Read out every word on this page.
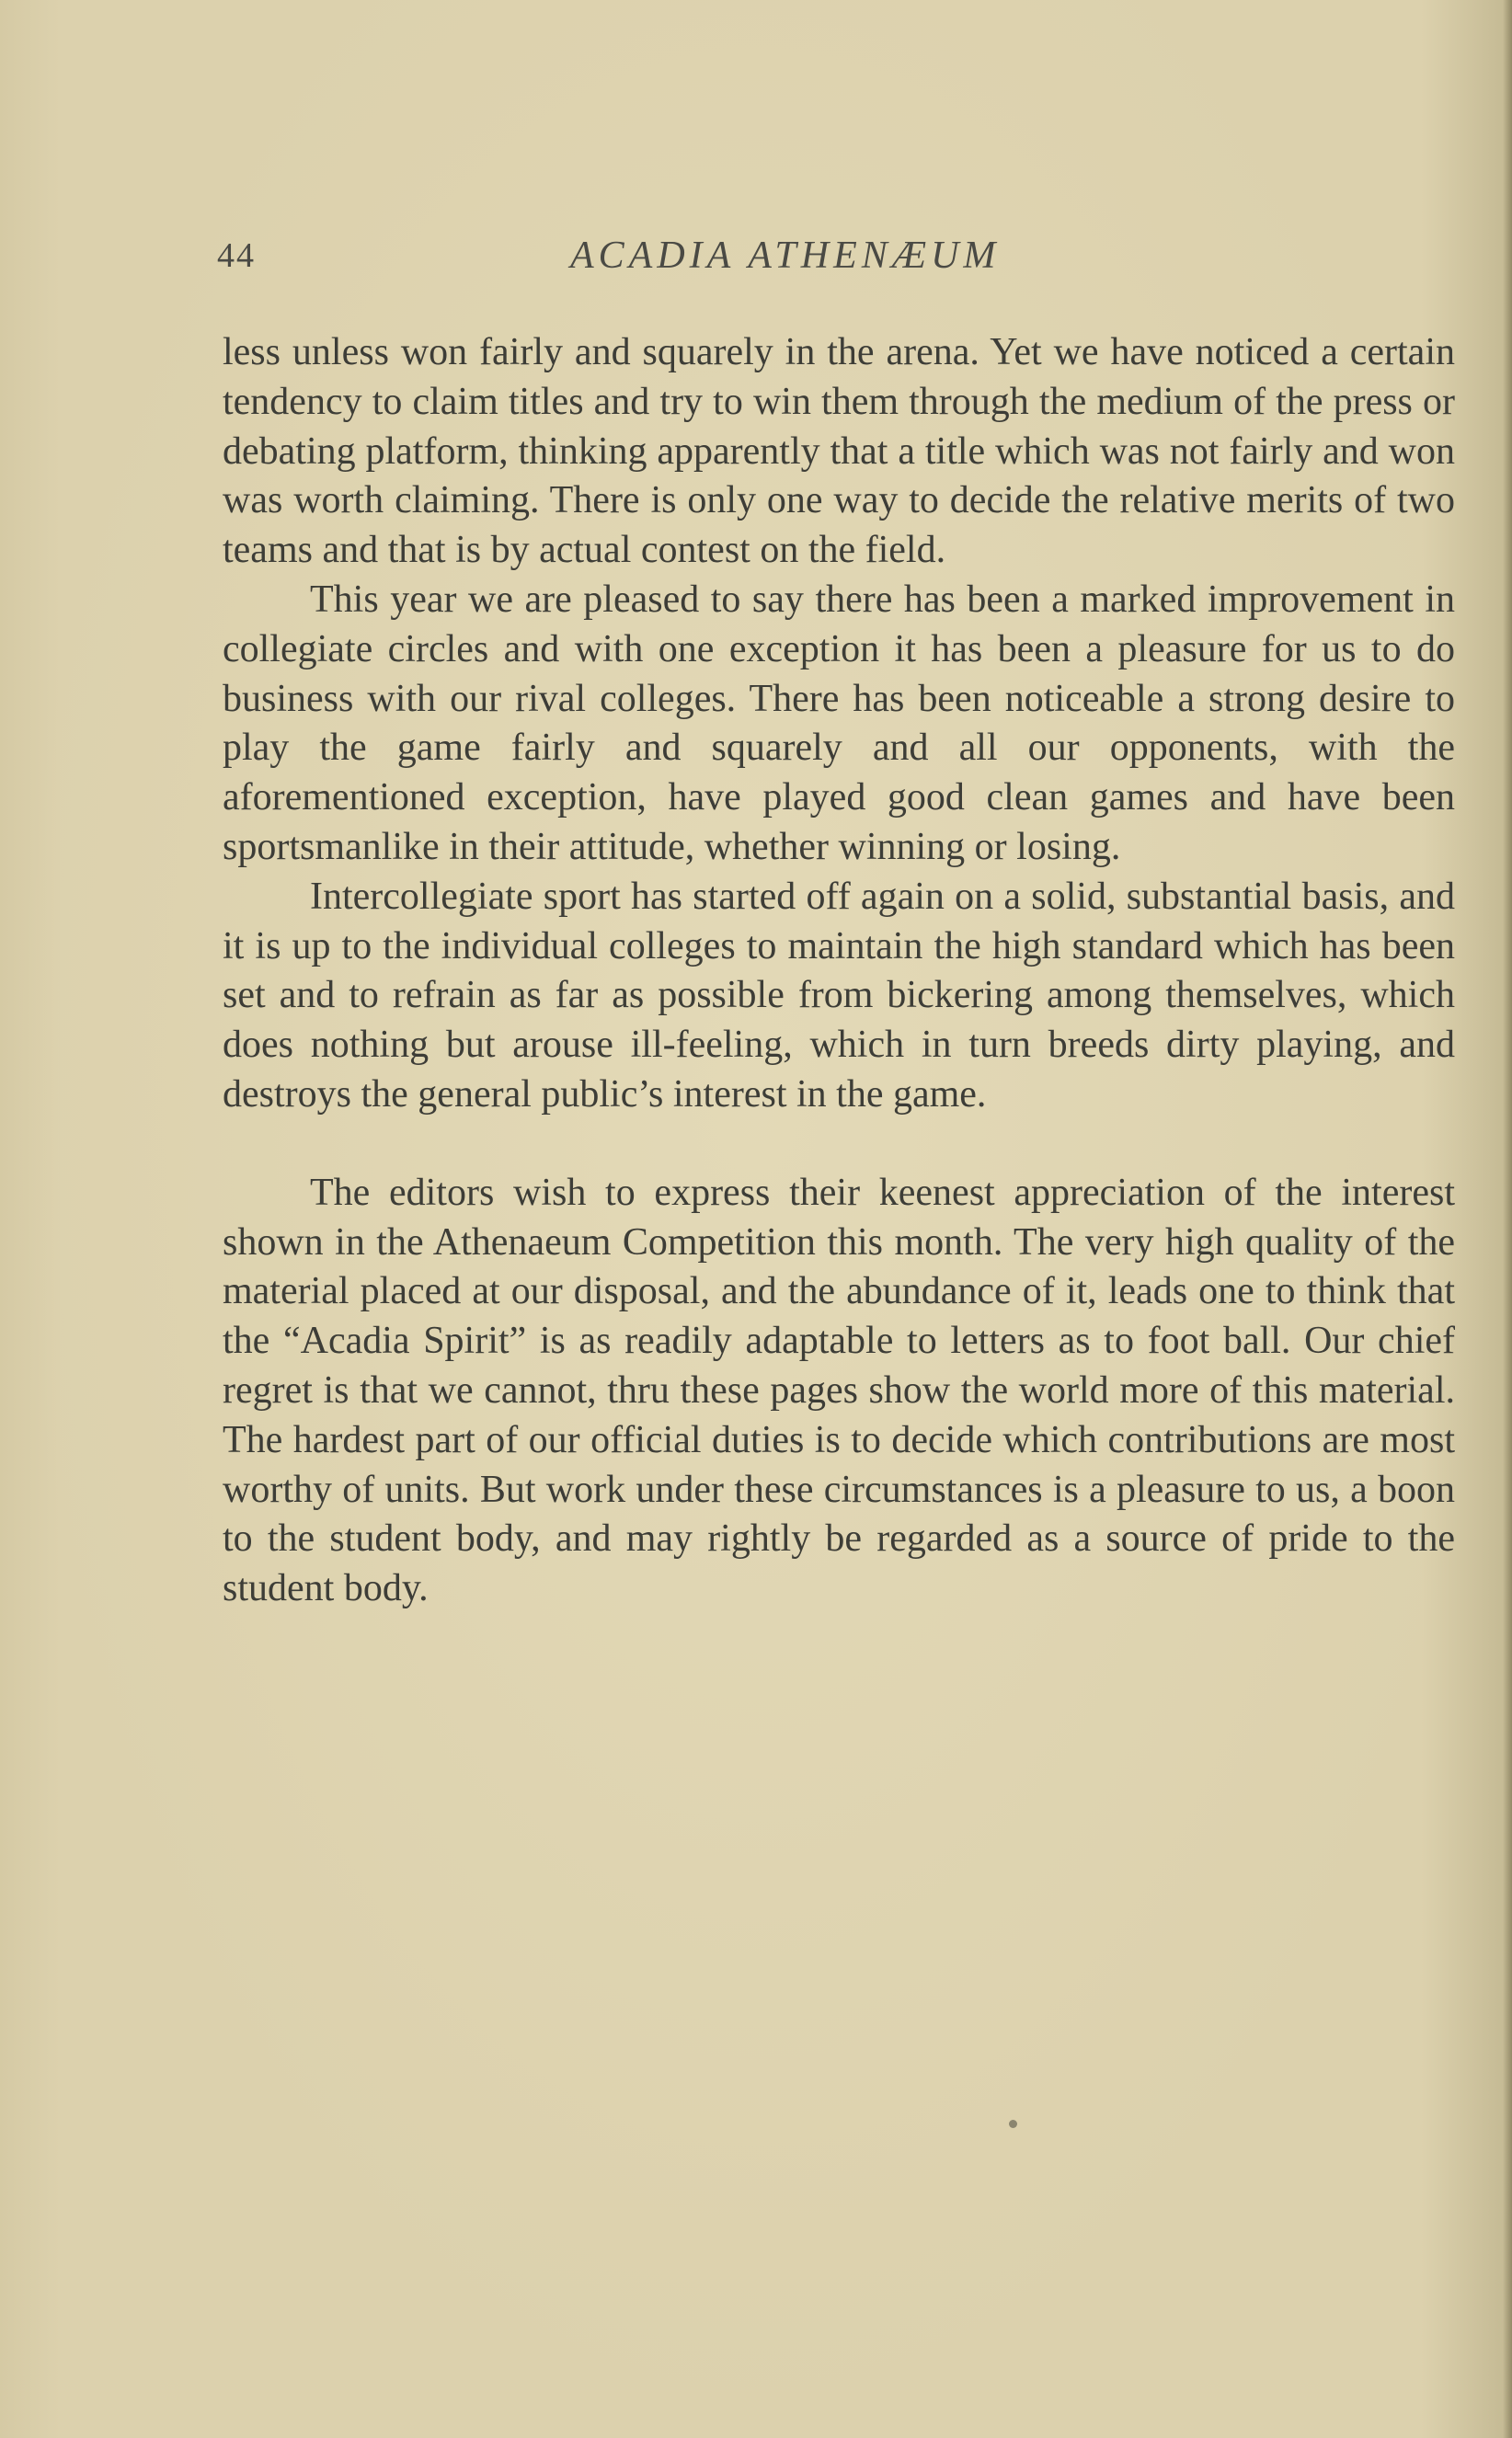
44	ACADIA ATHENÆUM

less unless won fairly and squarely in the arena. Yet we have noticed a certain tendency to claim titles and try to win them through the medium of the press or debating platform, thinking apparently that a title which was not fairly and won was worth claiming. There is only one way to decide the relative merits of two teams and that is by actual contest on the field.

This year we are pleased to say there has been a marked improvement in collegiate circles and with one exception it has been a pleasure for us to do business with our rival colleges. There has been noticeable a strong desire to play the game fairly and squarely and all our opponents, with the aforementioned exception, have played good clean games and have been sportsmanlike in their attitude, whether winning or losing.

Intercollegiate sport has started off again on a solid, substantial basis, and it is up to the individual colleges to maintain the high standard which has been set and to refrain as far as possible from bickering among themselves, which does nothing but arouse ill-feeling, which in turn breeds dirty playing, and destroys the general public’s interest in the game.

The editors wish to express their keenest appreciation of the interest shown in the Athenaeum Competition this month. The very high quality of the material placed at our disposal, and the abundance of it, leads one to think that the “Acadia Spirit” is as readily adaptable to letters as to foot ball. Our chief regret is that we cannot, thru these pages show the world more of this material. The hardest part of our official duties is to decide which contributions are most worthy of units. But work under these circumstances is a pleasure to us, a boon to the student body, and may rightly be regarded as a source of pride to the student body.
